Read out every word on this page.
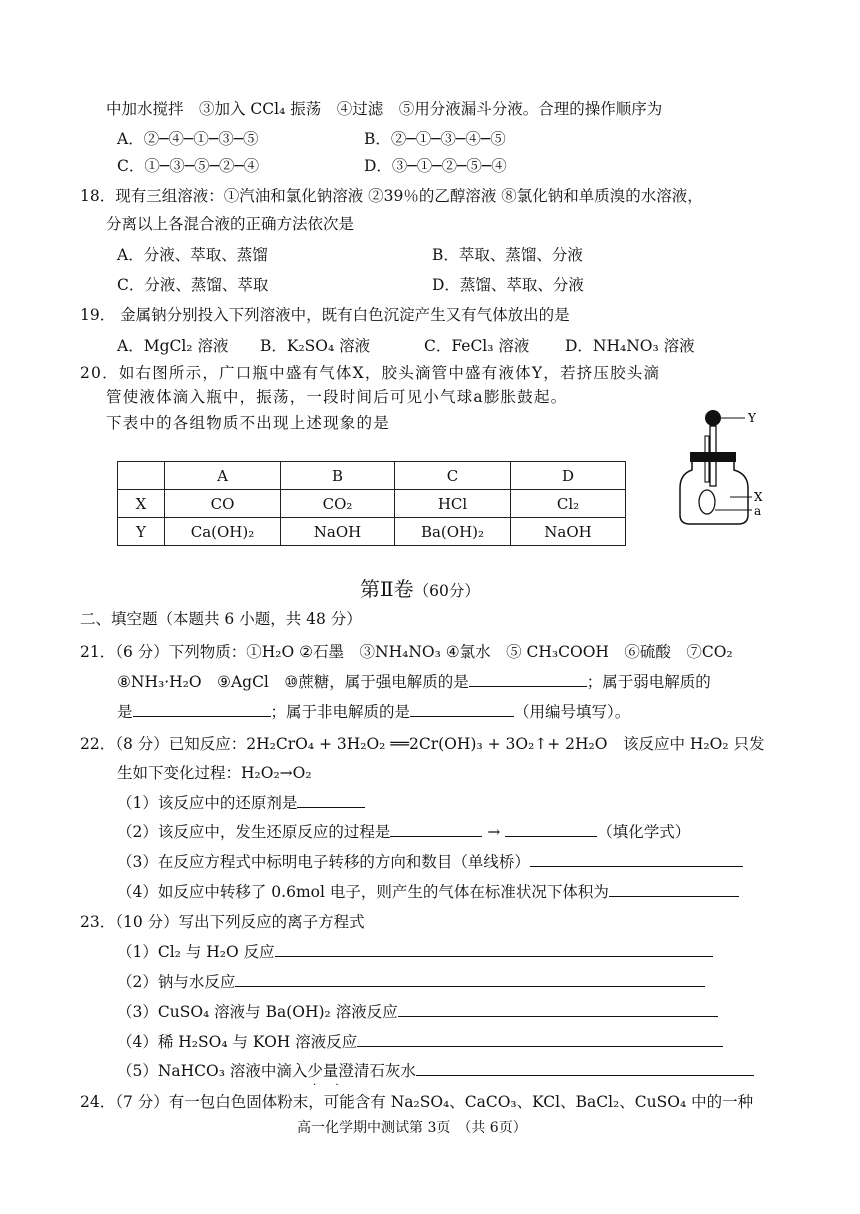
中加水搅拌　③加入 CCl₄ 振荡　④过滤　⑤用分液漏斗分液。合理的操作顺序为
A．②─④─①─③─⑤	B．②─①─③─④─⑤
C．①─③─⑤─②─④	D．③─①─②─⑤─④
18．现有三组溶液：①汽油和氯化钠溶液 ②39％的乙醇溶液 ⑧氯化钠和单质溴的水溶液，
分离以上各混合液的正确方法依次是
A．分液、萃取、蒸馏	B．萃取、蒸馏、分液
C．分液、蒸馏、萃取	D．蒸馏、萃取、分液
19． 金属钠分别投入下列溶液中，既有白色沉淀产生又有气体放出的是
A．MgCl₂ 溶液 B．K₂SO₄ 溶液	C．FeCl₃ 溶液 D．NH₄NO₃ 溶液
20．如右图所示，广口瓶中盛有气体X，胶头滴管中盛有液体Y，若挤压胶头滴
管使液体滴入瓶中，振荡，一段时间后可见小气球a膨胀鼓起。
下表中的各组物质不出现上述现象的是
	A	B	C	D
X	CO	CO₂	HCl	Cl₂
Y	Ca(OH)₂	NaOH	Ba(OH)₂	NaOH
Y
X
a
第Ⅱ卷（60分）
二、填空题（本题共 6 小题，共 48 分）
21．（6 分）下列物质：①H₂O ②石墨　③NH₄NO₃ ④氯水　⑤ CH₃COOH　⑥硫酸　⑦CO₂
⑧NH₃·H₂O　⑨AgCl　⑩蔗糖，属于强电解质的是	；属于弱电解质的
是	；属于非电解质的是	（用编号填写）。
22．（8 分）已知反应：2H₂CrO₄ + 3H₂O₂ ══2Cr(OH)₃ + 3O₂↑+ 2H₂O　该反应中 H₂O₂ 只发
生如下变化过程：H₂O₂→O₂
（1）该反应中的还原剂是
（2）该反应中，发生还原反应的过程是	→	（填化学式）
（3）在反应方程式中标明电子转移的方向和数目（单线桥）
（4）如反应中转移了 0.6mol 电子，则产生的气体在标准状况下体积为
23．（10 分）写出下列反应的离子方程式
（1）Cl₂ 与 H₂O 反应
（2）钠与水反应
（3）CuSO₄ 溶液与 Ba(OH)₂ 溶液反应
（4）稀 H₂SO₄ 与 KOH 溶液反应
（5）NaHCO₃ 溶液中滴入少量澄清石灰水
· ·
24．（7 分）有一包白色固体粉末，可能含有 Na₂SO₄、CaCO₃、KCl、BaCl₂、CuSO₄ 中的一种
高一化学期中测试第 3页　（共 6页）
